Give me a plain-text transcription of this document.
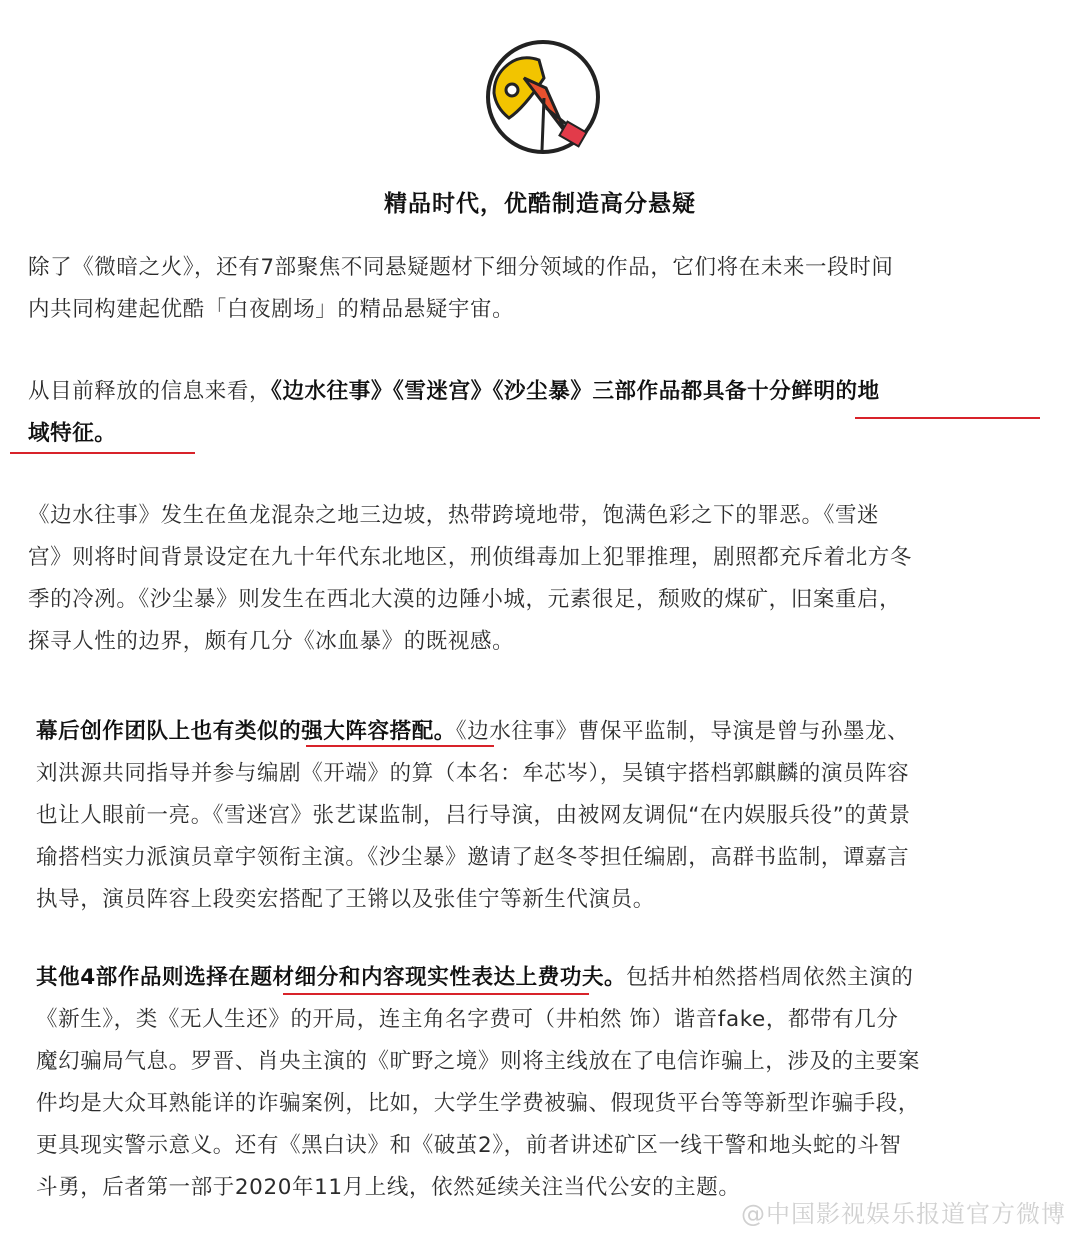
精品时代，优酷制造高分悬疑
除了《微暗之火》，还有7部聚焦不同悬疑题材下细分领域的作品，它们将在未来一段时间
内共同构建起优酷「白夜剧场」的精品悬疑宇宙。
从目前释放的信息来看，《边水往事》《雪迷宫》《沙尘暴》三部作品都具备十分鲜明的地
域特征。
《边水往事》发生在鱼龙混杂之地三边坡，热带跨境地带，饱满色彩之下的罪恶。《雪迷
宫》则将时间背景设定在九十年代东北地区，刑侦缉毒加上犯罪推理，剧照都充斥着北方冬
季的冷冽。《沙尘暴》则发生在西北大漠的边陲小城，元素很足，颓败的煤矿，旧案重启，
探寻人性的边界，颇有几分《冰血暴》的既视感。
幕后创作团队上也有类似的强大阵容搭配。《边水往事》曹保平监制，导演是曾与孙墨龙、
刘洪源共同指导并参与编剧《开端》的算（本名：牟芯岑），吴镇宇搭档郭麒麟的演员阵容
也让人眼前一亮。《雪迷宫》张艺谋监制，吕行导演，由被网友调侃“在内娱服兵役”的黄景
瑜搭档实力派演员章宇领衔主演。《沙尘暴》邀请了赵冬苓担任编剧，高群书监制，谭嘉言
执导，演员阵容上段奕宏搭配了王锵以及张佳宁等新生代演员。
其他4部作品则选择在题材细分和内容现实性表达上费功夫。包括井柏然搭档周依然主演的
《新生》，类《无人生还》的开局，连主角名字费可（井柏然 饰）谐音fake，都带有几分
魔幻骗局气息。罗晋、肖央主演的《旷野之境》则将主线放在了电信诈骗上，涉及的主要案
件均是大众耳熟能详的诈骗案例，比如，大学生学费被骗、假现货平台等等新型诈骗手段，
更具现实警示意义。还有《黑白诀》和《破茧2》，前者讲述矿区一线干警和地头蛇的斗智
斗勇，后者第一部于2020年11月上线，依然延续关注当代公安的主题。
@中国影视娱乐报道官方微博
